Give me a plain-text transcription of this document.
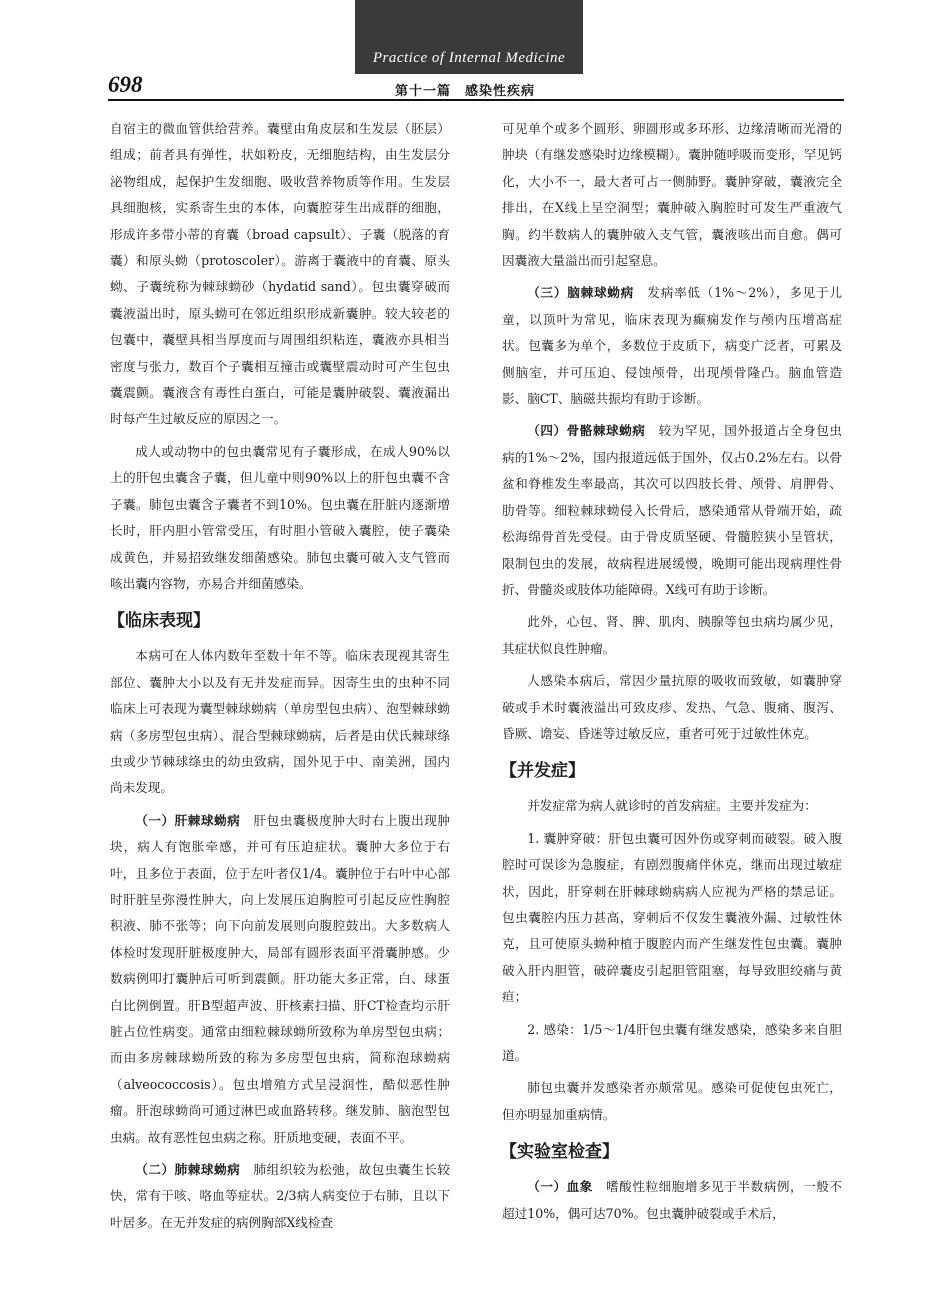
Practice of Internal Medicine
698	第十一篇　感染性疾病

自宿主的微血管供给营养。囊壁由角皮层和生发层（胚层）组成；前者具有弹性，状如粉皮，无细胞结构，由生发层分泌物组成，起保护生发细胞、吸收营养物质等作用。生发层具细胞核，实系寄生虫的本体，向囊腔芽生出成群的细胞，形成许多带小蒂的育囊（broad capsult）、子囊（脱落的育囊）和原头蚴（protoscoler）。游离于囊液中的育囊、原头蚴、子囊统称为棘球蚴砂（hydatid sand）。包虫囊穿破而囊液溢出时，原头蚴可在邻近组织形成新囊肿。较大较老的包囊中，囊壁具相当厚度而与周围组织粘连，囊液亦具相当密度与张力，数百个子囊相互撞击或囊壁震动时可产生包虫囊震颤。囊液含有毒性白蛋白，可能是囊肿破裂、囊液漏出时每产生过敏反应的原因之一。

成人或动物中的包虫囊常见有子囊形成，在成人90%以上的肝包虫囊含子囊，但儿童中则90%以上的肝包虫囊不含子囊。肺包虫囊含子囊者不到10%。包虫囊在肝脏内逐渐增长时，肝内胆小管常受压，有时胆小管破入囊腔，使子囊染成黄色，并易招致继发细菌感染。肺包虫囊可破入支气管而咳出囊内容物，亦易合并细菌感染。

【临床表现】

本病可在人体内数年至数十年不等。临床表现视其寄生部位、囊肿大小以及有无并发症而异。因寄生虫的虫种不同临床上可表现为囊型棘球蚴病（单房型包虫病）、泡型棘球蚴病（多房型包虫病）、混合型棘球蚴病，后者是由伏氏棘球绦虫或少节棘球绦虫的幼虫致病，国外见于中、南美洲，国内尚未发现。

（一）肝棘球蚴病　 肝包虫囊极度肿大时右上腹出现肿块，病人有饱胀牵感，并可有压迫症状。囊肿大多位于右叶，且多位于表面，位于左叶者仅1/4。囊肿位于右叶中心部时肝脏呈弥漫性肿大，向上发展压迫胸腔可引起反应性胸腔积液、肺不张等；向下向前发展则向腹腔鼓出。大多数病人体检时发现肝脏极度肿大，局部有圆形表面平滑囊肿感。少数病例叩打囊肿后可听到震颤。肝功能大多正常，白、球蛋白比例倒置。肝B型超声波、肝核素扫描、肝CT检查均示肝脏占位性病变。通常由细粒棘球蚴所致称为单房型包虫病；而由多房棘球蚴所致的称为多房型包虫病，简称泡球蚴病（alveococcosis）。包虫增殖方式呈浸润性，酷似恶性肿瘤。肝泡球蚴尚可通过淋巴或血路转移。继发肺、脑泡型包虫病。故有恶性包虫病之称。肝质地变硬，表面不平。

（二）肺棘球蚴病　 肺组织较为松弛，故包虫囊生长较快，常有干咳、咯血等症状。2/3病人病变位于右肺，且以下叶居多。在无并发症的病例胸部X线检查

可见单个或多个圆形、卵圆形或多环形、边缘清晰而光滑的肿块（有继发感染时边缘模糊）。囊肿随呼吸而变形，罕见钙化，大小不一，最大者可占一侧肺野。囊肿穿破，囊液完全排出，在X线上呈空洞型；囊肿破入胸腔时可发生严重液气胸。约半数病人的囊肿破入支气管，囊液咳出而自愈。偶可因囊液大量溢出而引起窒息。

（三）脑棘球蚴病　 发病率低（1%～2%），多见于儿童，以顶叶为常见，临床表现为癫痫发作与颅内压增高症状。包囊多为单个，多数位于皮质下，病变广泛者，可累及侧脑室，并可压迫、侵蚀颅骨，出现颅骨隆凸。脑血管造影、脑CT、脑磁共振均有助于诊断。

（四）骨骼棘球蚴病　 较为罕见，国外报道占全身包虫病的1%～2%，国内报道远低于国外，仅占0.2%左右。以骨盆和脊椎发生率最高，其次可以四肢长骨、颅骨、肩胛骨、肋骨等。细粒棘球蚴侵入长骨后，感染通常从骨端开始，疏松海绵骨首先受侵。由于骨皮质坚硬、骨髓腔狭小呈管状，限制包虫的发展，故病程进展缓慢，晚期可能出现病理性骨折、骨髓炎或肢体功能障碍。X线可有助于诊断。

此外，心包、肾、脾、肌肉、胰腺等包虫病均属少见，其症状似良性肿瘤。

人感染本病后，常因少量抗原的吸收而致敏，如囊肿穿破或手术时囊液溢出可致皮疹、发热、气急、腹痛、腹泻、昏厥、谵妄、昏迷等过敏反应，重者可死于过敏性休克。

【并发症】

并发症常为病人就诊时的首发病症。主要并发症为：

1. 囊肿穿破：肝包虫囊可因外伤或穿刺而破裂。破入腹腔时可误诊为急腹症，有剧烈腹痛伴休克，继而出现过敏症状，因此，肝穿刺在肝棘球蚴病病人应视为严格的禁忌证。包虫囊腔内压力甚高，穿刺后不仅发生囊液外漏、过敏性休克，且可使原头蚴种植于腹腔内而产生继发性包虫囊。囊肿破入肝内胆管，破碎囊皮引起胆管阻塞，每导致胆绞痛与黄疸；

2. 感染：1/5～1/4肝包虫囊有继发感染，感染多来自胆道。

肺包虫囊并发感染者亦颇常见。感染可促使包虫死亡，但亦明显加重病情。

【实验室检查】

（一）血象　 嗜酸性粒细胞增多见于半数病例，一般不超过10%，偶可达70%。包虫囊肿破裂或手术后，
